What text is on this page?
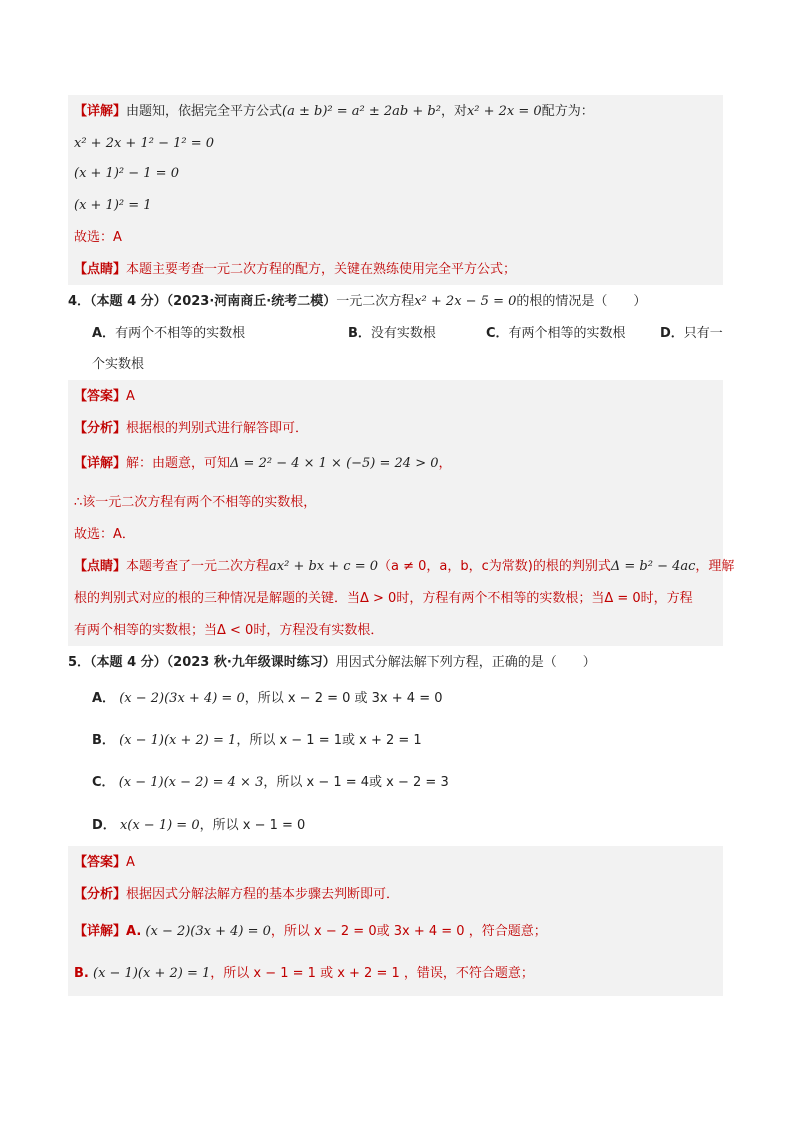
【详解】由题知，依据完全平方公式(a ± b)² = a² ± 2ab + b²，对x² + 2x = 0配方为：
x² + 2x + 1² − 1² = 0
(x + 1)² − 1 = 0
(x + 1)² = 1
故选：A
【点睛】本题主要考查一元二次方程的配方，关键在熟练使用完全平方公式；
4．（本题 4 分）（2023·河南商丘·统考二模）一元二次方程x² + 2x − 5 = 0的根的情况是（　　）
A．有两个不相等的实数根	B．没有实数根	C．有两个相等的实数根	D．只有一
个实数根
【答案】A
【分析】根据根的判别式进行解答即可．
【详解】解：由题意，可知Δ = 2² − 4 × 1 × (−5) = 24 > 0，
∴该一元二次方程有两个不相等的实数根，
故选：A．
【点睛】本题考查了一元二次方程ax² + bx + c = 0（a ≠ 0，a，b，c为常数)的根的判别式Δ = b² − 4ac，理解
根的判别式对应的根的三种情况是解题的关键．当Δ > 0时，方程有两个不相等的实数根；当Δ = 0时，方程
有两个相等的实数根；当Δ < 0时，方程没有实数根．
5．（本题 4 分）（2023 秋·九年级课时练习）用因式分解法解下列方程，正确的是（　　）
A． (x − 2)(3x + 4) = 0，所以 x − 2 = 0 或 3x + 4 = 0
B． (x − 1)(x + 2) = 1，所以 x − 1 = 1或 x + 2 = 1
C． (x − 1)(x − 2) = 4 × 3，所以 x − 1 = 4或 x − 2 = 3
D． x(x − 1) = 0，所以 x − 1 = 0
【答案】A
【分析】根据因式分解法解方程的基本步骤去判断即可．
【详解】A. (x − 2)(3x + 4) = 0，所以 x − 2 = 0或 3x + 4 = 0 ，符合题意；
B. (x − 1)(x + 2) = 1，所以 x − 1 = 1 或 x + 2 = 1 ，错误，不符合题意；
